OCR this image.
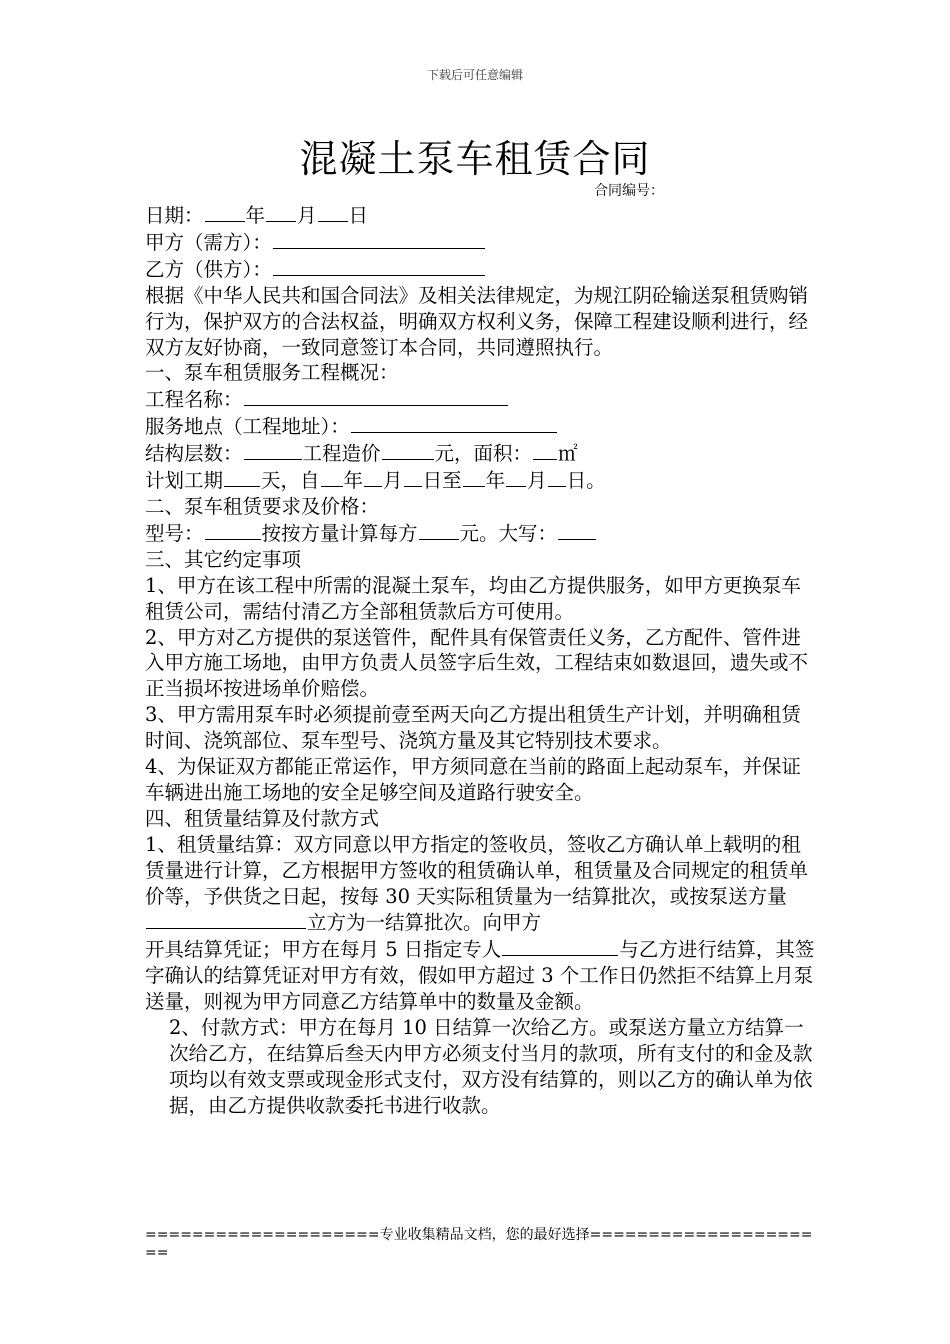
下载后可任意编辑
混凝土泵车租赁合同
合同编号：
日期： 年 月 日
甲方（需方）：
乙方（供方）：
根据《中华人民共和国合同法》及相关法律规定，为规江阴砼输送泵租赁购销行为，保护双方的合法权益，明确双方权利义务，保障工程建设顺利进行，经双方友好协商，一致同意签订本合同，共同遵照执行。
一、泵车租赁服务工程概况：
工程名称：
服务地点（工程地址）：
结构层数：	工程造价	元，面积： ㎡
计划工期 天，自 年 月 日至 年 月 日。
二、泵车租赁要求及价格：
型号：	按按方量计算每方 元。大写：
三、其它约定事项
1、甲方在该工程中所需的混凝土泵车，均由乙方提供服务，如甲方更换泵车租赁公司，需结付清乙方全部租赁款后方可使用。
2、甲方对乙方提供的泵送管件，配件具有保管责任义务，乙方配件、管件进入甲方施工场地，由甲方负责人员签字后生效，工程结束如数退回，遗失或不正当损坏按进场单价赔偿。
3、甲方需用泵车时必须提前壹至两天向乙方提出租赁生产计划，并明确租赁时间、浇筑部位、泵车型号、浇筑方量及其它特别技术要求。
4、为保证双方都能正常运作，甲方须同意在当前的路面上起动泵车，并保证车辆进出施工场地的安全足够空间及道路行驶安全。
四、租赁量结算及付款方式
1、租赁量结算：双方同意以甲方指定的签收员，签收乙方确认单上载明的租赁量进行计算，乙方根据甲方签收的租赁确认单，租赁量及合同规定的租赁单价等，予供货之日起，按每 30 天实际租赁量为一结算批次，或按泵送方量立方为一结算批次。向甲方
开具结算凭证；甲方在每月 5 日指定专人	与乙方进行结算，其签字确认的结算凭证对甲方有效，假如甲方超过 3 个工作日仍然拒不结算上月泵送量，则视为甲方同意乙方结算单中的数量及金额。
2、付款方式：甲方在每月 10 日结算一次给乙方。或泵送方量立方结算一次给乙方，在结算后叁天内甲方必须支付当月的款项，所有支付的和金及款项均以有效支票或现金形式支付，双方没有结算的，则以乙方的确认单为依据，由乙方提供收款委托书进行收款。
====================专业收集精品文档，您的最好选择=====================
